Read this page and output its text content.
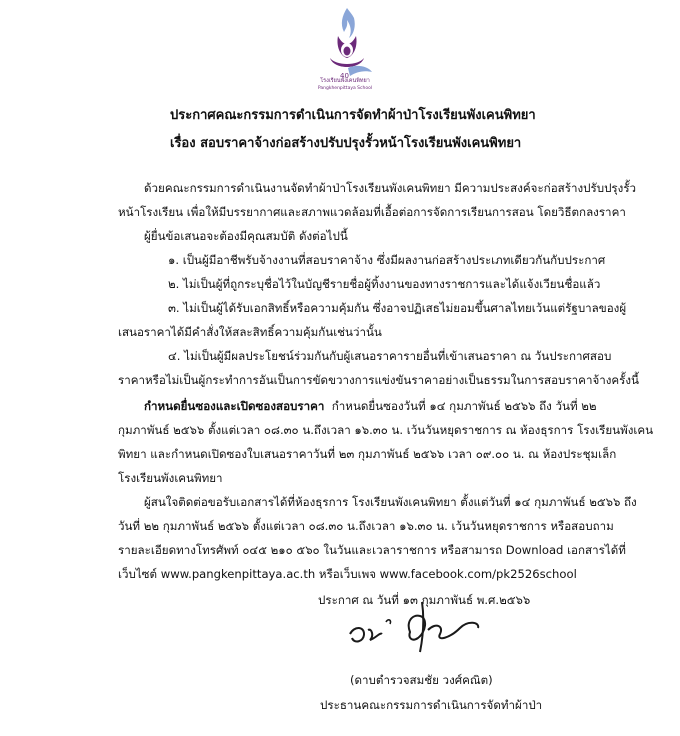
40
โรงเรียนพังเคนพิทยา
Pangkhenpittaya School
ประกาศคณะกรรมการดำเนินการจัดทำผ้าป่าโรงเรียนพังเคนพิทยา
เรื่อง สอบราคาจ้างก่อสร้างปรับปรุงรั้วหน้าโรงเรียนพังเคนพิทยา
ด้วยคณะกรรมการดำเนินงานจัดทำผ้าป่าโรงเรียนพังเคนพิทยา มีความประสงค์จะก่อสร้างปรับปรุงรั้ว
หน้าโรงเรียน เพื่อให้มีบรรยากาศและสภาพแวดล้อมที่เอื้อต่อการจัดการเรียนการสอน โดยวิธีตกลงราคา
ผู้ยื่นข้อเสนอจะต้องมีคุณสมบัติ ดังต่อไปนี้
๑. เป็นผู้มีอาชีพรับจ้างงานที่สอบราคาจ้าง ซึ่งมีผลงานก่อสร้างประเภทเดียวกันกับประกาศ
๒. ไม่เป็นผู้ที่ถูกระบุชื่อไว้ในบัญชีรายชื่อผู้ทิ้งงานของทางราชการและได้แจ้งเวียนชื่อแล้ว
๓. ไม่เป็นผู้ได้รับเอกสิทธิ์หรือความคุ้มกัน ซึ่งอาจปฏิเสธไม่ยอมขึ้นศาลไทยเว้นแต่รัฐบาลของผู้
เสนอราคาได้มีคำสั่งให้สละสิทธิ์ความคุ้มกันเช่นว่านั้น
๔. ไม่เป็นผู้มีผลประโยชน์ร่วมกันกับผู้เสนอราคารายอื่นที่เข้าเสนอราคา ณ วันประกาศสอบ
ราคาหรือไม่เป็นผู้กระทำการอันเป็นการขัดขวางการแข่งขันราคาอย่างเป็นธรรมในการสอบราคาจ้างครั้งนี้
กำหนดยื่นซองและเปิดซองสอบราคา กำหนดยื่นซองวันที่ ๑๔ กุมภาพันธ์ ๒๕๖๖ ถึง วันที่ ๒๒
กุมภาพันธ์ ๒๕๖๖ ตั้งแต่เวลา ๐๘.๓๐ น.ถึงเวลา ๑๖.๓๐ น. เว้นวันหยุดราชการ ณ ห้องธุรการ โรงเรียนพังเคน
พิทยา และกำหนดเปิดซองใบเสนอราคาวันที่ ๒๓ กุมภาพันธ์ ๒๕๖๖ เวลา ๐๙.๐๐ น. ณ ห้องประชุมเล็ก
โรงเรียนพังเคนพิทยา
ผู้สนใจติดต่อขอรับเอกสารได้ที่ห้องธุรการ โรงเรียนพังเคนพิทยา ตั้งแต่วันที่ ๑๔ กุมภาพันธ์ ๒๕๖๖ ถึง
วันที่ ๒๒ กุมภาพันธ์ ๒๕๖๖ ตั้งแต่เวลา ๐๘.๓๐ น.ถึงเวลา ๑๖.๓๐ น. เว้นวันหยุดราชการ หรือสอบถาม
รายละเอียดทางโทรศัพท์ ๐๔๕ ๒๑๐ ๕๖๐ ในวันและเวลาราชการ หรือสามารถ Download เอกสารได้ที่
เว็บไซต์ www.pangkenpittaya.ac.th หรือเว็บเพจ www.facebook.com/pk2526school
ประกาศ ณ วันที่ ๑๓ กุมภาพันธ์ พ.ศ.๒๕๖๖
(ดาบตำรวจสมชัย วงศ์คณิต)
ประธานคณะกรรมการดำเนินการจัดทำผ้าป่า
